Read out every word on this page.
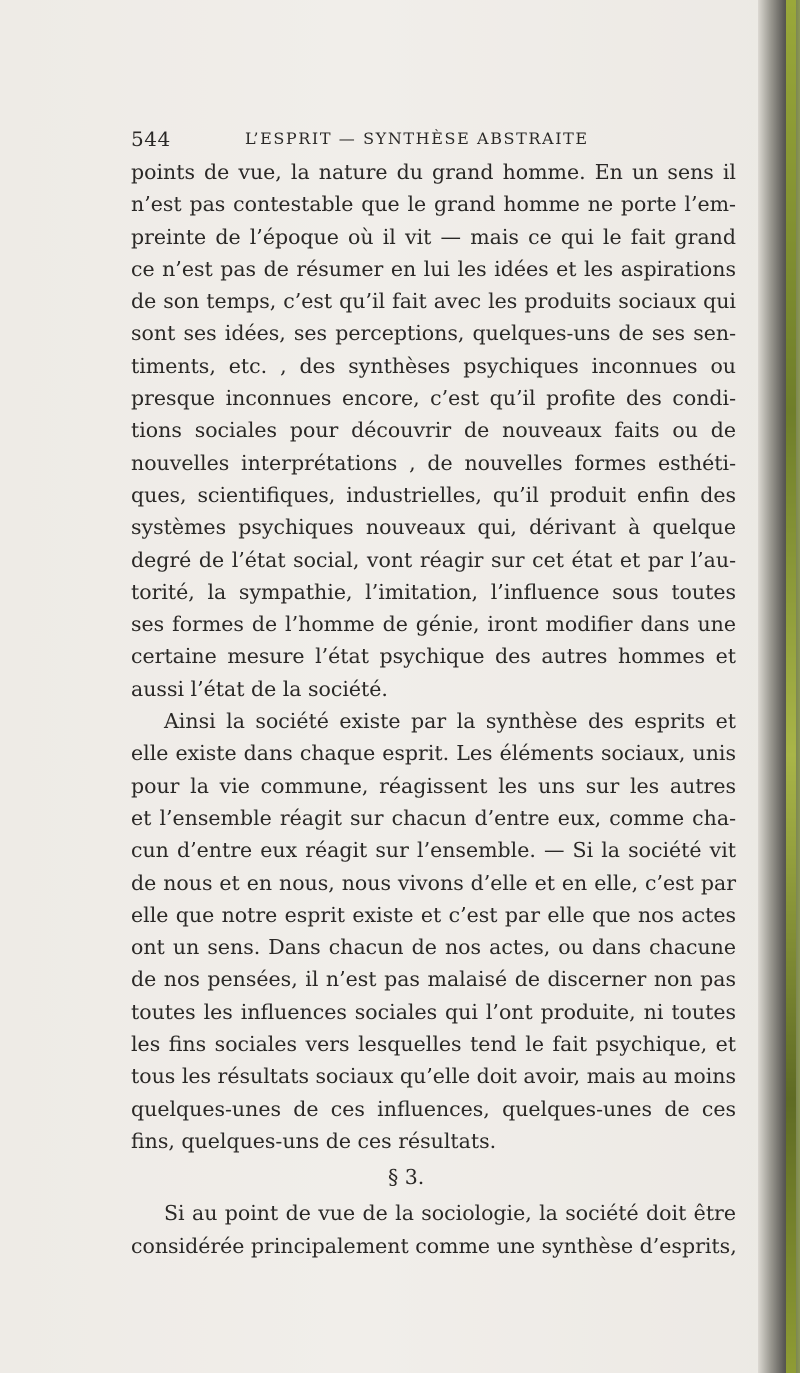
544	L’ESPRIT — SYNTHÈSE ABSTRAITE
points de vue, la nature du grand homme. En un sens il
n’est pas contestable que le grand homme ne porte l’em-
preinte de l’époque où il vit — mais ce qui le fait grand
ce n’est pas de résumer en lui les idées et les aspirations
de son temps, c’est qu’il fait avec les produits sociaux qui
sont ses idées, ses perceptions, quelques-uns de ses sen-
timents, etc. , des synthèses psychiques inconnues ou
presque inconnues encore, c’est qu’il profite des condi-
tions sociales pour découvrir de nouveaux faits ou de
nouvelles interprétations , de nouvelles formes esthéti-
ques, scientifiques, industrielles, qu’il produit enfin des
systèmes psychiques nouveaux qui, dérivant à quelque
degré de l’état social, vont réagir sur cet état et par l’au-
torité, la sympathie, l’imitation, l’influence sous toutes
ses formes de l’homme de génie, iront modifier dans une
certaine mesure l’état psychique des autres hommes et
aussi l’état de la société.
Ainsi la société existe par la synthèse des esprits et
elle existe dans chaque esprit. Les éléments sociaux, unis
pour la vie commune, réagissent les uns sur les autres
et l’ensemble réagit sur chacun d’entre eux, comme cha-
cun d’entre eux réagit sur l’ensemble. — Si la société vit
de nous et en nous, nous vivons d’elle et en elle, c’est par
elle que notre esprit existe et c’est par elle que nos actes
ont un sens. Dans chacun de nos actes, ou dans chacune
de nos pensées, il n’est pas malaisé de discerner non pas
toutes les influences sociales qui l’ont produite, ni toutes
les fins sociales vers lesquelles tend le fait psychique, et
tous les résultats sociaux qu’elle doit avoir, mais au moins
quelques-unes de ces influences, quelques-unes de ces
fins, quelques-uns de ces résultats.
§ 3.
Si au point de vue de la sociologie, la société doit être
considérée principalement comme une synthèse d’esprits,
